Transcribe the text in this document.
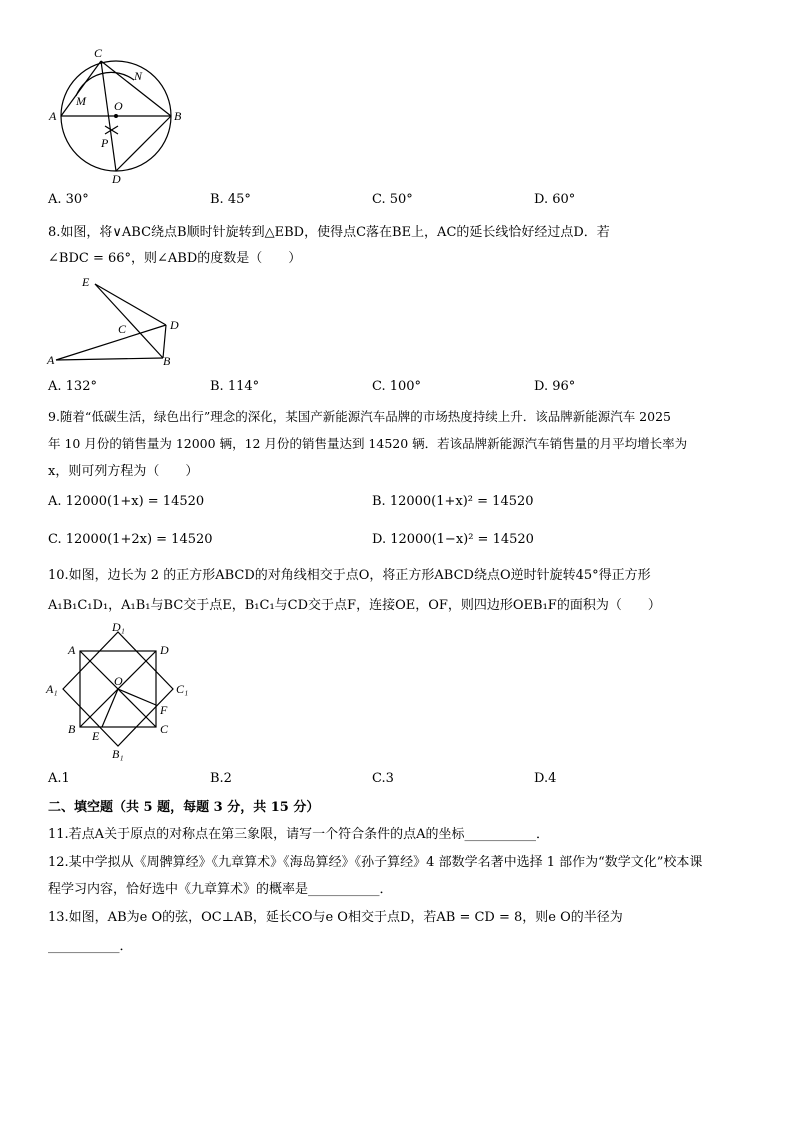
C
N
M O
A	B
P
D
A. 30°	B. 45°	C. 50°	D. 60°
8.如图，将∨ABC绕点B顺时针旋转到△EBD，使得点C落在BE上，AC的延长线恰好经过点D．若
∠BDC = 66°，则∠ABD的度数是（　　）
E
C	D
A	B
A. 132°	B. 114°	C. 100°	D. 96°
9.随着“低碳生活，绿色出行”理念的深化，某国产新能源汽车品牌的市场热度持续上升．该品牌新能源汽车 2025
年 10 月份的销售量为 12000 辆，12 月份的销售量达到 14520 辆．若该品牌新能源汽车销售量的月平均增长率为
x，则可列方程为（　　）
A. 12000(1+x) = 14520	B. 12000(1+x)² = 14520
C. 12000(1+2x) = 14520	D. 12000(1−x)² = 14520
10.如图，边长为 2 的正方形ABCD的对角线相交于点O，将正方形ABCD绕点O逆时针旋转45°得正方形
A₁B₁C₁D₁，A₁B₁与BC交于点E，B₁C₁与CD交于点F，连接OE，OF，则四边形OEB₁F的面积为（　　）
D₁
A	D
A₁
O
C₁
F
B E	C
B₁
A.1	B.2	C.3	D.4
二、填空题（共 5 题，每题 3 分，共 15 分）
11.若点A关于原点的对称点在第三象限，请写一个符合条件的点A的坐标___________．
12.某中学拟从《周髀算经》《九章算术》《海岛算经》《孙子算经》4 部数学名著中选择 1 部作为“数学文化”校本课
程学习内容，恰好选中《九章算术》的概率是___________．
13.如图，AB为e O的弦，OC⊥AB，延长CO与e O相交于点D，若AB = CD = 8，则e O的半径为
___________．
